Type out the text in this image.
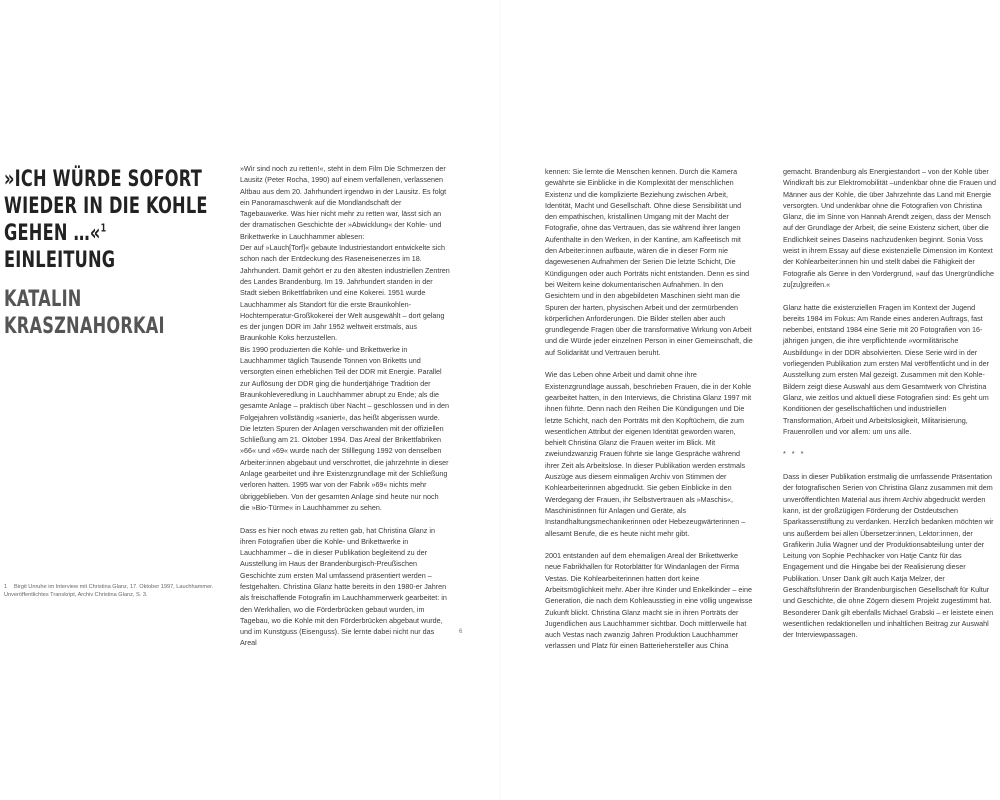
»ICH WÜRDE SOFORT
WIEDER IN DIE KOHLE
GEHEN …«$^1$
EINLEITUNG
KATALIN
KRASZNAHORKAI
1 Birgit Unruhe im Interview mit Christina Glanz, 17. Oktober 1997, Lauchhammer. Unveröffentlichtes Transkript, Archiv Christina Glanz, S. 3.

»Wir sind noch zu retten!«, steht in dem Film Die Schmerzen der Lausitz (Peter Rocha, 1990) auf einem verfallenen, verlassenen Altbau aus dem 20. Jahrhundert irgendwo in der Lausitz. Es folgt ein Panoramaschwenk auf die Mondlandschaft der Tagebauwerke. Was hier nicht mehr zu retten war, lässt sich an der dramatischen Geschichte der »Abwicklung« der Kohle- und Brikettwerke in Lauchhammer ablesen:
Der auf »Lauch[Torf]« gebaute Industriestandort entwickelte sich schon nach der Entdeckung des Raseneisenerzes im 18. Jahrhundert. Damit gehört er zu den ältesten industriellen Zentren des Landes Brandenburg. Im 19. Jahrhundert standen in der Stadt sieben Brikettfabriken und eine Kokerei. 1951 wurde Lauchhammer als Standort für die erste Braunkohlen-Hochtemperatur-Großkokerei der Welt ausgewählt – dort gelang es der jungen DDR im Jahr 1952 weltweit erstmals, aus Braunkohle Koks herzustellen.
Bis 1990 produzierten die Kohle- und Brikettwerke in Lauchhammer täglich Tausende Tonnen von Briketts und versorgten einen erheblichen Teil der DDR mit Energie. Parallel zur Auflösung der DDR ging die hundertjährige Tradition der Braunkohleveredlung in Lauchhammer abrupt zu Ende; als die gesamte Anlage – praktisch über Nacht – geschlossen und in den Folgejahren vollständig »saniert«, das heißt abgerissen wurde. Die letzten Spuren der Anlagen verschwanden mit der offiziellen Schließung am 21. Oktober 1994. Das Areal der Brikettfabriken »66« und »69« wurde nach der Stilllegung 1992 von denselben Arbeiter:innen abgebaut und verschrottet, die jahrzehnte in dieser Anlage gearbeitet und ihre Existenzgrundlage mit der Schließung verloren hatten. 1995 war von der Fabrik »69« nichts mehr übriggeblieben. Von der gesamten Anlage sind heute nur noch die »Bio-Türme« in Lauchhammer zu sehen.

Dass es hier noch etwas zu retten gab, hat Christina Glanz in ihren Fotografien über die Kohle- und Brikettwerke in Lauchhammer – die in dieser Publikation begleitend zu der Ausstellung im Haus der Brandenburgisch-Preußischen Geschichte zum ersten Mal umfassend präsentiert werden – festgehalten. Christina Glanz hatte bereits in den 1980-er Jahren als freischaffende Fotografin im Lauchhammerwerk gearbeitet: in den Werkhallen, wo die Förderbrücken gebaut wurden, im Tagebau, wo die Kohle mit den Förderbrücken abgebaut wurde, und im Kunstguss (Eisenguss). Sie lernte dabei nicht nur das Areal

6

kennen: Sie lernte die Menschen kennen. Durch die Kamera gewährte sie Einblicke in die Komplexität der menschlichen Existenz und die komplizierte Beziehung zwischen Arbeit, Identität, Macht und Gesellschaft. Ohne diese Sensibilität und den empathischen, kristallinen Umgang mit der Macht der Fotografie, ohne das Vertrauen, das sie während ihrer langen Aufenthalte in den Werken, in der Kantine, am Kaffeetisch mit den Arbeiter:innen aufbaute, wären die in dieser Form nie dagewesenen Aufnahmen der Serien Die letzte Schicht, Die Kündigungen oder auch Porträts nicht entstanden. Denn es sind bei Weitem keine dokumentarischen Aufnahmen. In den Gesichtern und in den abgebildeten Maschinen sieht man die Spuren der harten, physischen Arbeit und der zermürbenden körperlichen Anforderungen. Die Bilder stellen aber auch grundlegende Fragen über die transformative Wirkung von Arbeit und die Würde jeder einzelnen Person in einer Gemeinschaft, die auf Solidarität und Vertrauen beruht.

Wie das Leben ohne Arbeit und damit ohne ihre Existenzgrundlage aussah, beschrieben Frauen, die in der Kohle gearbeitet hatten, in den Interviews, die Christina Glanz 1997 mit ihnen führte. Denn nach den Reihen Die Kündigungen und Die letzte Schicht, nach den Porträts mit den Kopftüchern, die zum wesentlichen Attribut der eigenen Identität geworden waren, behielt Christina Glanz die Frauen weiter im Blick. Mit zweiundzwanzig Frauen führte sie lange Gespräche während ihrer Zeit als Arbeitslose. In dieser Publikation werden erstmals Auszüge aus diesem einmaligen Archiv von Stimmen der Kohlearbeiterinnen abgedruckt. Sie geben Einblicke in den Werdegang der Frauen, ihr Selbstvertrauen als »Maschis«, Maschinistinnen für Anlagen und Geräte, als Instandhaltungsmechanikerinnen oder Hebezeugwärterinnen – allesamt Berufe, die es heute nicht mehr gibt.

2001 entstanden auf dem ehemaligen Areal der Brikettwerke neue Fabrikhallen für Rotorblätter für Windanlagen der Firma Vestas. Die Kohlearbeiterinnen hatten dort keine Arbeitsmöglichkeit mehr. Aber ihre Kinder und Enkelkinder – eine Generation, die nach dem Kohleausstieg in eine völlig ungewisse Zukunft blickt. Christina Glanz macht sie in ihren Porträts der Jugendlichen aus Lauchhammer sichtbar. Doch mittlerweile hat auch Vestas nach zwanzig Jahren Produktion Lauchhammer verlassen und Platz für einen Batteriehersteller aus China

gemacht. Brandenburg als Energiestandort – von der Kohle über Windkraft bis zur Elektromobilität –undenkbar ohne die Frauen und Männer aus der Kohle, die über Jahrzehnte das Land mit Energie versorgten. Und undenkbar ohne die Fotografien von Christina Glanz, die im Sinne von Hannah Arendt zeigen, dass der Mensch auf der Grundlage der Arbeit, die seine Existenz sichert, über die Endlichkeit seines Daseins nachzudenken beginnt. Sonia Voss weist in ihrem Essay auf diese existenzielle Dimension im Kontext der Kohlearbeiter:innen hin und stellt dabei die Fähigkeit der Fotografie als Genre in den Vordergrund, »auf das Unergründliche zu[zu]greifen.«

Glanz hatte die existenziellen Fragen im Kontext der Jugend bereits 1984 im Fokus: Am Rande eines anderen Auftrags, fast nebenbei, entstand 1984 eine Serie mit 20 Fotografien von 16-jährigen jungen, die ihre verpflichtende »vormilitärische Ausbildung« in der DDR absolvierten. Diese Serie wird in der vorliegenden Publikation zum ersten Mal veröffentlicht und in der Ausstellung zum ersten Mal gezeigt. Zusammen mit den Kohle-Bildern zeigt diese Auswahl aus dem Gesamtwerk von Christina Glanz, wie zeitlos und aktuell diese Fotografien sind: Es geht um Konditionen der gesellschaftlichen und industriellen Transformation, Arbeit und Arbeitslosigkeit, Militarisierung, Frauenrollen und vor allem: um uns alle.

* * *

Dass in dieser Publikation erstmalig die umfassende Präsentation der fotografischen Serien von Christina Glanz zusammen mit dem unveröffentlichten Material aus ihrem Archiv abgedruckt werden kann, ist der großzügigen Förderung der Ostdeutschen Sparkassenstiftung zu verdanken. Herzlich bedanken möchten wir uns außerdem bei allen Übersetzer:innen, Lektor:innen, der Grafikerin Julia Wagner und der Produktionsabteilung unter der Leitung von Sophie Pechhacker von Hatje Cantz für das Engagement und die Hingabe bei der Realisierung dieser Publikation. Unser Dank gilt auch Katja Melzer, der Geschäftsführerin der Brandenburgischen Gesellschaft für Kultur und Geschichte, die ohne Zögern diesem Projekt zugestimmt hat. Besonderer Dank gilt ebenfalls Michael Grabski – er leistete einen wesentlichen redaktionellen und inhaltlichen Beitrag zur Auswahl der Interviewpassagen.
